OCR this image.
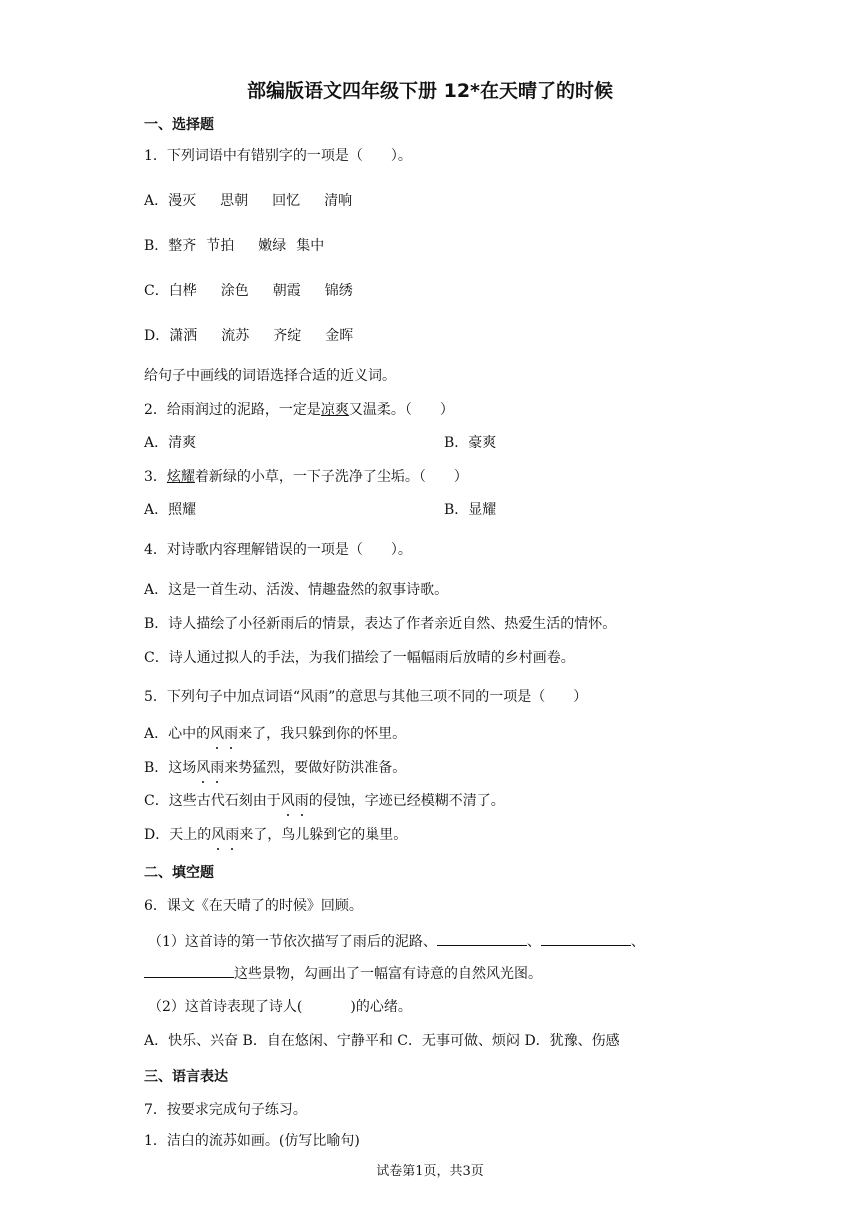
部编版语文四年级下册 12*在天晴了的时候
一、选择题
1．下列词语中有错别字的一项是（　　）。
A．漫灭 思朝 回忆 清响
B．整齐 节拍 嫩绿 集中
C．白桦 涂色 朝霞 锦绣
D．潇洒 流苏 齐绽 金晖
给句子中画线的词语选择合适的近义词。
2．给雨润过的泥路，一定是凉爽又温柔。（　　）
A．清爽	B．豪爽
3．炫耀着新绿的小草，一下子洗净了尘垢。（　　）
A．照耀	B．显耀
4．对诗歌内容理解错误的一项是（　　）。
A．这是一首生动、活泼、情趣盎然的叙事诗歌。
B．诗人描绘了小径新雨后的情景，表达了作者亲近自然、热爱生活的情怀。
C．诗人通过拟人的手法，为我们描绘了一幅幅雨后放晴的乡村画卷。
5．下列句子中加点词语“风雨”的意思与其他三项不同的一项是（　　）
A．心中的风雨来了，我只躲到你的怀里。
B．这场风雨来势猛烈，要做好防洪准备。
C．这些古代石刻由于风雨的侵蚀，字迹已经模糊不清了。
D．天上的风雨来了，鸟儿躲到它的巢里。
二、填空题
6．课文《在天晴了的时候》回顾。
（1）这首诗的第一节依次描写了雨后的泥路、	、	、
这些景物，勾画出了一幅富有诗意的自然风光图。
（2）这首诗表现了诗人(	)的心绪。
A．快乐、兴奋 B．自在悠闲、宁静平和 C．无事可做、烦闷 D．犹豫、伤感
三、语言表达
7．按要求完成句子练习。
1．洁白的流苏如画。(仿写比喻句)
试卷第1页，共3页
